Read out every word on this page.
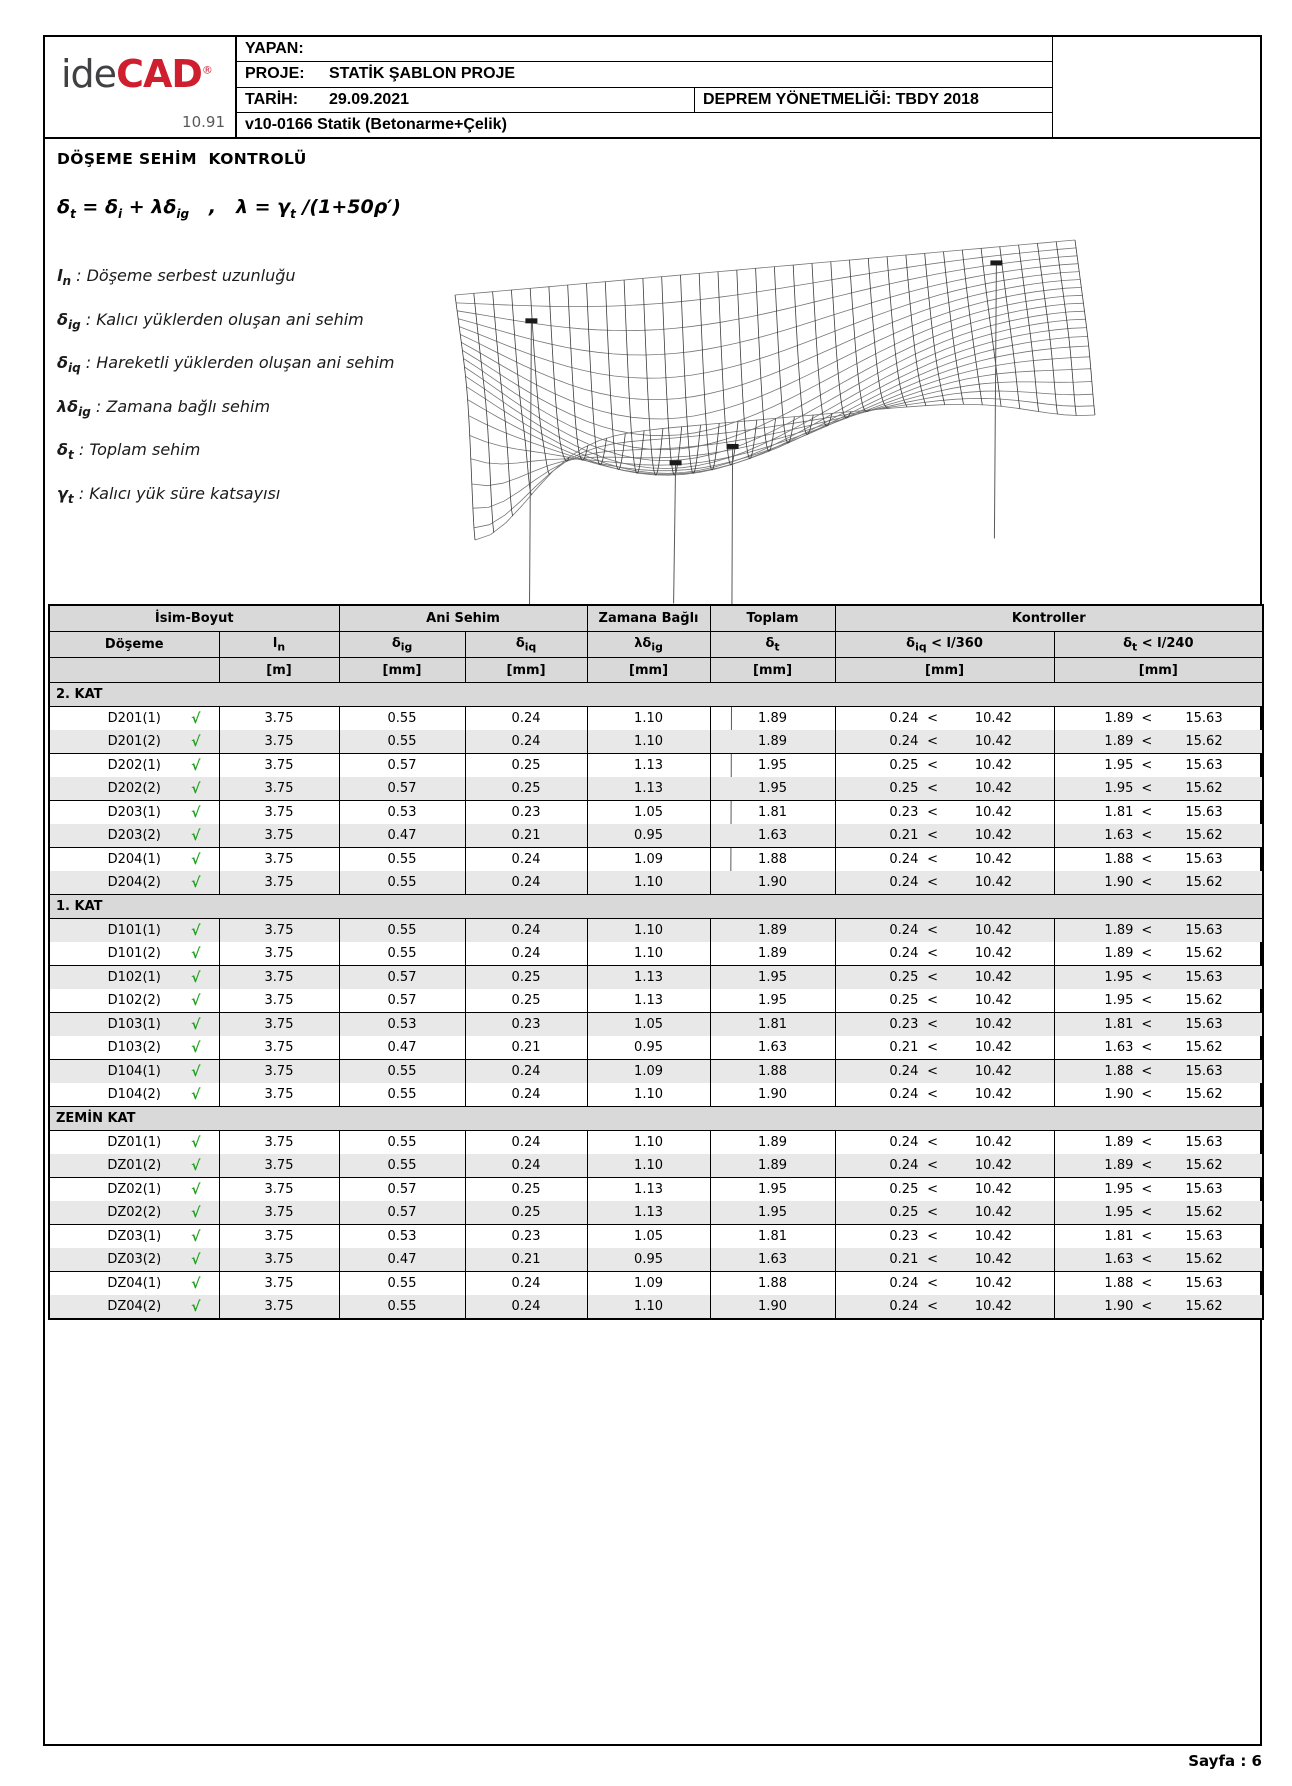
ideCAD®
10.91
YAPAN:
PROJE:	STATİK ŞABLON PROJE
TARİH:	29.09.2021	DEPREM YÖNETMELİĞİ: TBDY 2018
v10-0166 Statik (Betonarme+Çelik)
DÖŞEME SEHİM  KONTROLÜ
$\delta_t = \delta_i + \lambda\delta_{ig}$   ,   $\lambda = \gamma_t$ /(1+50ρ′)
$l_n$ : Döşeme serbest uzunluğu
$\delta_{ig}$ : Kalıcı yüklerden oluşan ani sehim
$\delta_{iq}$ : Hareketli yüklerden oluşan ani sehim
$\lambda\delta_{ig}$ : Zamana bağlı sehim
$\delta_t$ : Toplam sehim
$\gamma_t$ : Kalıcı yük süre katsayısı
İsim-Boyut		Ani Sehim		Zamana Bağlı	Toplam	Kontroller	
Döşeme	$l_n$	$\delta_{ig}$	$\delta_{iq}$	$\lambda\delta_{ig}$	$\delta_t$	$\delta_{iq} < l/360$	$\delta_t < l/240$
	[m]	[mm]	[mm]	[mm]	[mm]	[mm]	[mm]
2. KAT							

D201(1) √	3.75	0.55	0.24	1.10	1.89	0.24 < 10.42	1.89 < 15.63

D201(2) √	3.75	0.55	0.24	1.10	1.89	0.24 < 10.42	1.89 < 15.62

D202(1) √	3.75	0.57	0.25	1.13	1.95	0.25 < 10.42	1.95 < 15.63

D202(2) √	3.75	0.57	0.25	1.13	1.95	0.25 < 10.42	1.95 < 15.62

D203(1) √	3.75	0.53	0.23	1.05	1.81	0.23 < 10.42	1.81 < 15.63

D203(2) √	3.75	0.47	0.21	0.95	1.63	0.21 < 10.42	1.63 < 15.62

D204(1) √	3.75	0.55	0.24	1.09	1.88	0.24 < 10.42	1.88 < 15.63

D204(2) √	3.75	0.55	0.24	1.10	1.90	0.24 < 10.42	1.90 < 15.62

1. KAT							

D101(1) √	3.75	0.55	0.24	1.10	1.89	0.24 < 10.42	1.89 < 15.63

D101(2) √	3.75	0.55	0.24	1.10	1.89	0.24 < 10.42	1.89 < 15.62

D102(1) √	3.75	0.57	0.25	1.13	1.95	0.25 < 10.42	1.95 < 15.63

D102(2) √	3.75	0.57	0.25	1.13	1.95	0.25 < 10.42	1.95 < 15.62

D103(1) √	3.75	0.53	0.23	1.05	1.81	0.23 < 10.42	1.81 < 15.63

D103(2) √	3.75	0.47	0.21	0.95	1.63	0.21 < 10.42	1.63 < 15.62

D104(1) √	3.75	0.55	0.24	1.09	1.88	0.24 < 10.42	1.88 < 15.63

D104(2) √	3.75	0.55	0.24	1.10	1.90	0.24 < 10.42	1.90 < 15.62

ZEMİN KAT							

DZ01(1) √	3.75	0.55	0.24	1.10	1.89	0.24 < 10.42	1.89 < 15.63

DZ01(2) √	3.75	0.55	0.24	1.10	1.89	0.24 < 10.42	1.89 < 15.62

DZ02(1) √	3.75	0.57	0.25	1.13	1.95	0.25 < 10.42	1.95 < 15.63

DZ02(2) √	3.75	0.57	0.25	1.13	1.95	0.25 < 10.42	1.95 < 15.62

DZ03(1) √	3.75	0.53	0.23	1.05	1.81	0.23 < 10.42	1.81 < 15.63

DZ03(2) √	3.75	0.47	0.21	0.95	1.63	0.21 < 10.42	1.63 < 15.62

DZ04(1) √	3.75	0.55	0.24	1.09	1.88	0.24 < 10.42	1.88 < 15.63

DZ04(2) √	3.75	0.55	0.24	1.10	1.90	0.24 < 10.42	1.90 < 15.62
Sayfa : 6
